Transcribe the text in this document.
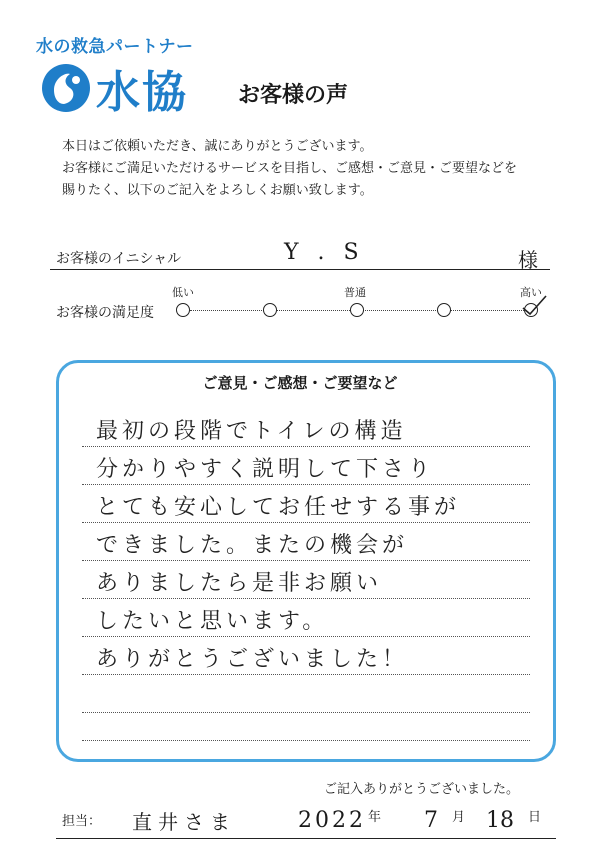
水の救急パートナー
水協 お客様の声
本日はご依頼いただき、誠にありがとうございます。
お客様にご満足いただけるサービスを目指し、ご感想・ご意見・ご要望などを
賜りたく、以下のご記入をよろしくお願い致します。
お客様のイニシャル	Y . S	様
お客様の満足度
低い	普通	高い
ご意見・ご感想・ご要望など
最初の段階でトイレの構造
分かりやすく説明して下さり
とても安心してお任せする事が
できました。またの機会が
ありましたら是非お願い
したいと思います。
ありがとうございました！
ご記入ありがとうございました。
担当： 直井さま	2022 年 7 月 18 日
